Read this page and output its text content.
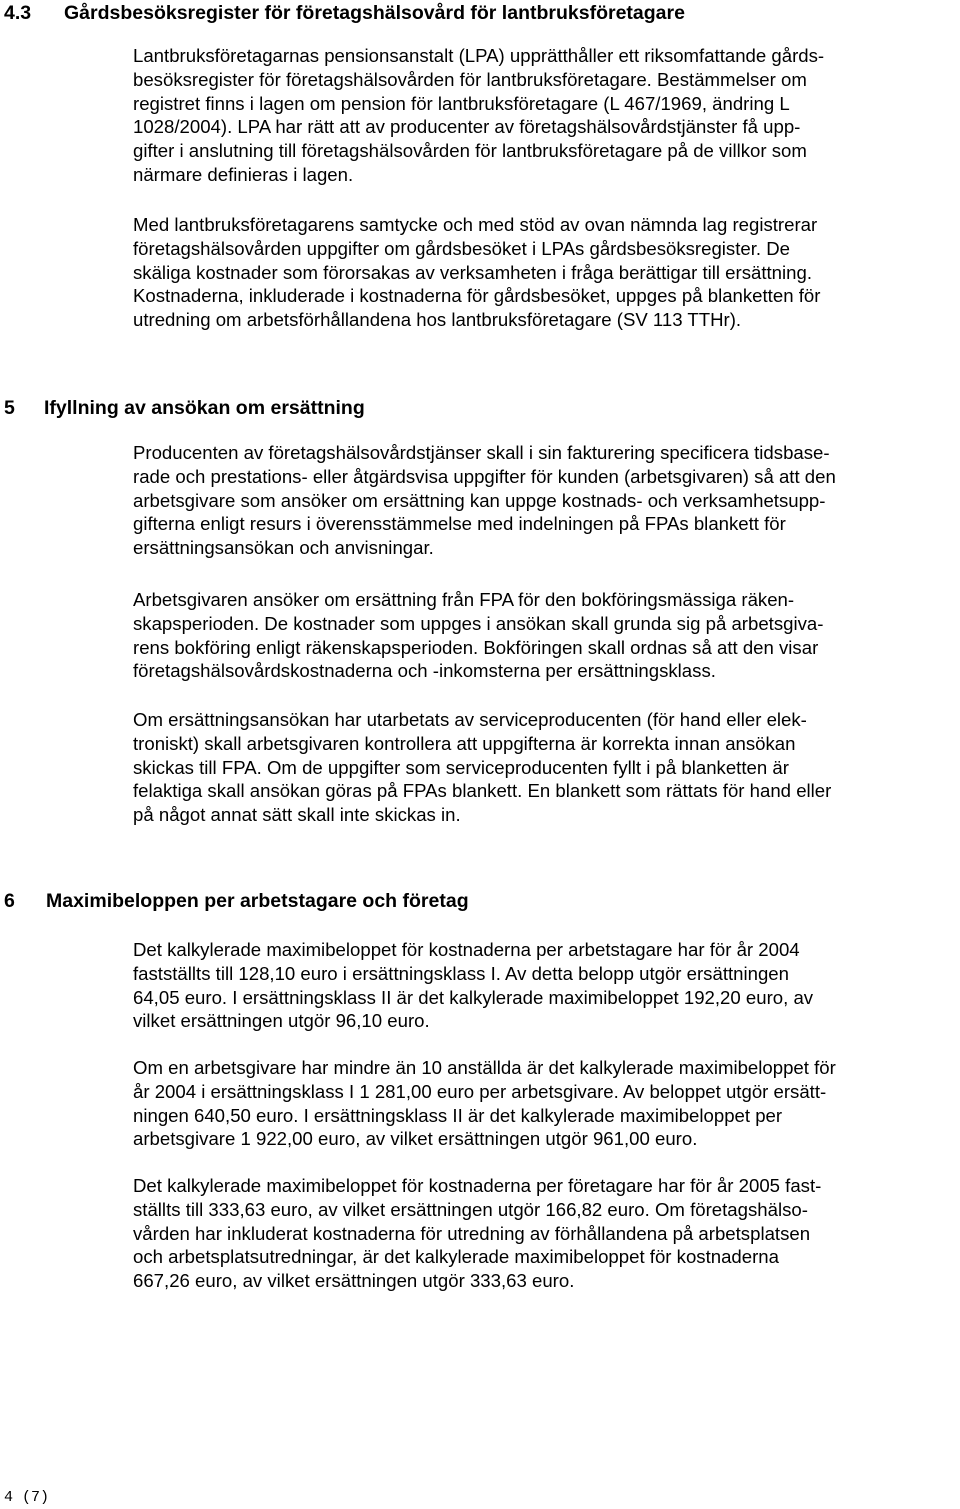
4.3 Gårdsbesöksregister för företagshälsovård för lantbruksföretagare
Lantbruksföretagarnas pensionsanstalt (LPA) upprätthåller ett riksomfattande gårds-
besöksregister för företagshälsovården för lantbruksföretagare. Bestämmelser om
registret finns i lagen om pension för lantbruksföretagare (L 467/1969, ändring L
1028/2004). LPA har rätt att av producenter av företagshälsovårdstjänster få upp-
gifter i anslutning till företagshälsovården för lantbruksföretagare på de villkor som
närmare definieras i lagen.
Med lantbruksföretagarens samtycke och med stöd av ovan nämnda lag registrerar
företagshälsovården uppgifter om gårdsbesöket i LPAs gårdsbesöksregister. De
skäliga kostnader som förorsakas av verksamheten i fråga berättigar till ersättning.
Kostnaderna, inkluderade i kostnaderna för gårdsbesöket, uppges på blanketten för
utredning om arbetsförhållandena hos lantbruksföretagare (SV 113 TTHr).
5 Ifyllning av ansökan om ersättning
Producenten av företagshälsovårdstjänser skall i sin fakturering specificera tidsbase-
rade och prestations- eller åtgärdsvisa uppgifter för kunden (arbetsgivaren) så att den
arbetsgivare som ansöker om ersättning kan uppge kostnads- och verksamhetsupp-
gifterna enligt resurs i överensstämmelse med indelningen på FPAs blankett för
ersättningsansökan och anvisningar.
Arbetsgivaren ansöker om ersättning från FPA för den bokföringsmässiga räken-
skapsperioden. De kostnader som uppges i ansökan skall grunda sig på arbetsgiva-
rens bokföring enligt räkenskapsperioden. Bokföringen skall ordnas så att den visar
företagshälsovårdskostnaderna och -inkomsterna per ersättningsklass.
Om ersättningsansökan har utarbetats av serviceproducenten (för hand eller elek-
troniskt) skall arbetsgivaren kontrollera att uppgifterna är korrekta innan ansökan
skickas till FPA. Om de uppgifter som serviceproducenten fyllt i på blanketten är
felaktiga skall ansökan göras på FPAs blankett. En blankett som rättats för hand eller
på något annat sätt skall inte skickas in.
6 Maximibeloppen per arbetstagare och företag
Det kalkylerade maximibeloppet för kostnaderna per arbetstagare har för år 2004
fastställts till 128,10 euro i ersättningsklass I. Av detta belopp utgör ersättningen
64,05 euro. I ersättningsklass II är det kalkylerade maximibeloppet 192,20 euro, av
vilket ersättningen utgör 96,10 euro.
Om en arbetsgivare har mindre än 10 anställda är det kalkylerade maximibeloppet för
år 2004 i ersättningsklass I 1 281,00 euro per arbetsgivare. Av beloppet utgör ersätt-
ningen 640,50 euro. I ersättningsklass II är det kalkylerade maximibeloppet per
arbetsgivare 1 922,00 euro, av vilket ersättningen utgör 961,00 euro.
Det kalkylerade maximibeloppet för kostnaderna per företagare har för år 2005 fast-
ställts till 333,63 euro, av vilket ersättningen utgör 166,82 euro. Om företagshälso-
vården har inkluderat kostnaderna för utredning av förhållandena på arbetsplatsen
och arbetsplatsutredningar, är det kalkylerade maximibeloppet för kostnaderna
667,26 euro, av vilket ersättningen utgör 333,63 euro.
4 (7)
